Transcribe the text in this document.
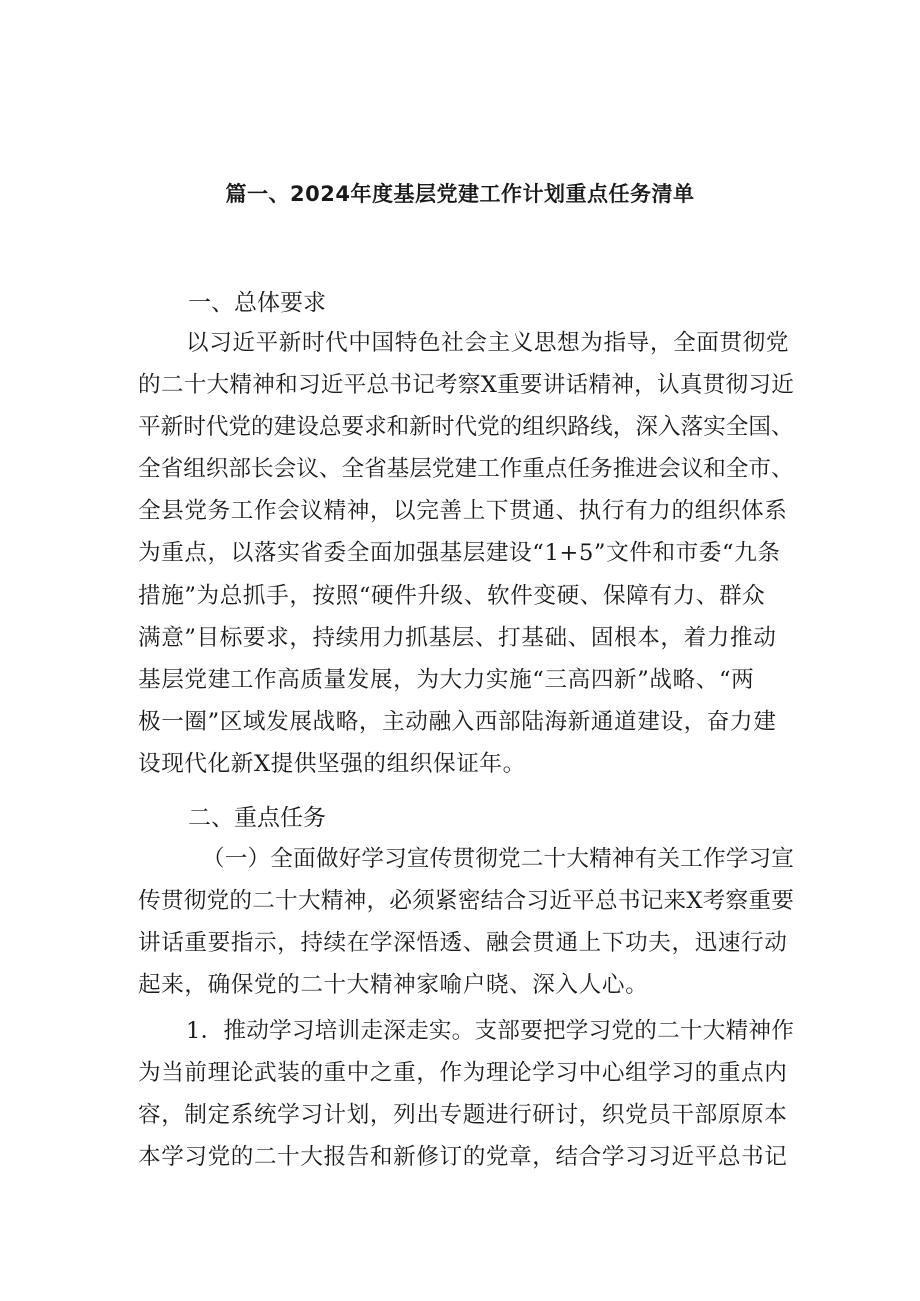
篇一、2024年度基层党建工作计划重点任务清单
一、总体要求
以习近平新时代中国特色社会主义思想为指导，全面贯彻党
的二十大精神和习近平总书记考察X重要讲话精神，认真贯彻习近
平新时代党的建设总要求和新时代党的组织路线，深入落实全国、
全省组织部长会议、全省基层党建工作重点任务推进会议和全市、
全县党务工作会议精神，以完善上下贯通、执行有力的组织体系
为重点，以落实省委全面加强基层建设“1+5”文件和市委“九条
措施”为总抓手，按照“硬件升级、软件变硬、保障有力、群众
满意”目标要求，持续用力抓基层、打基础、固根本，着力推动
基层党建工作高质量发展，为大力实施“三高四新”战略、“两
极一圈”区域发展战略，主动融入西部陆海新通道建设，奋力建
设现代化新X提供坚强的组织保证年。
二、重点任务
（一）全面做好学习宣传贯彻党二十大精神有关工作学习宣
传贯彻党的二十大精神，必须紧密结合习近平总书记来X考察重要
讲话重要指示，持续在学深悟透、融会贯通上下功夫，迅速行动
起来，确保党的二十大精神家喻户晓、深入人心。
1．推动学习培训走深走实。支部要把学习党的二十大精神作
为当前理论武装的重中之重，作为理论学习中心组学习的重点内
容，制定系统学习计划，列出专题进行研讨，织党员干部原原本
本学习党的二十大报告和新修订的党章，结合学习习近平总书记
